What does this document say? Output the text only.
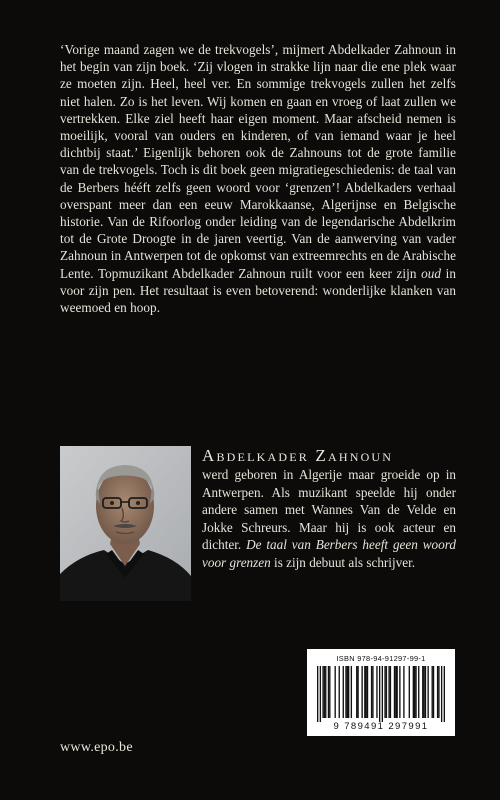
‘Vorige maand zagen we de trekvogels’, mijmert Abdelkader Zahnoun in het begin van zijn boek. ‘Zij vlogen in strakke lijn naar die ene plek waar ze moeten zijn. Heel, heel ver. En sommige trekvogels zullen het zelfs niet halen. Zo is het leven. Wij komen en gaan en vroeg of laat zullen we vertrekken. Elke ziel heeft haar eigen moment. Maar afscheid nemen is moeilijk, vooral van ouders en kinderen, of van iemand waar je heel dichtbij staat.’ Eigenlijk behoren ook de Zahnouns tot de grote familie van de trekvogels. Toch is dit boek geen migratiegeschiedenis: de taal van de Berbers hééft zelfs geen woord voor ‘grenzen’! Abdelkaders verhaal overspant meer dan een eeuw Marokkaanse, Algerijnse en Belgische historie. Van de Rifoorlog onder leiding van de legendarische Abdelkrim tot de Grote Droogte in de jaren veertig. Van de aanwerving van vader Zahnoun in Antwerpen tot de opkomst van extreemrechts en de Arabische Lente. Topmuzikant Abdelkader Zahnoun ruilt voor een keer zijn oud in voor zijn pen. Het resultaat is even betoverend: wonderlijke klanken van weemoed en hoop.

Abdelkader Zahnoun
werd geboren in Algerije maar groeide op in Antwerpen. Als muzikant speelde hij onder andere samen met Wannes Van de Velde en Jokke Schreurs. Maar hij is ook acteur en dichter. De taal van Berbers heeft geen woord voor grenzen is zijn debuut als schrijver.
ISBN 978-94-91297-99-1
9 789491 297991
www.epo.be
